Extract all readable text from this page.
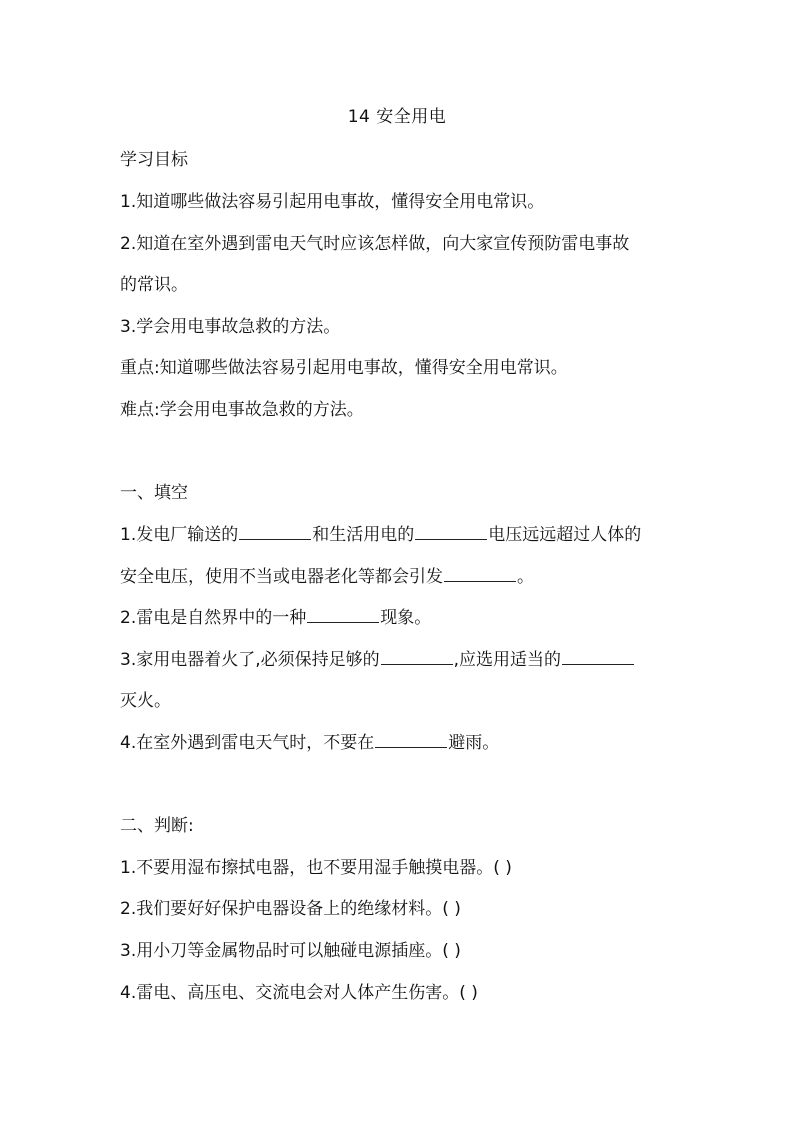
14 安全用电
学习目标
1.知道哪些做法容易引起用电事故，懂得安全用电常识。
2.知道在室外遇到雷电天气时应该怎样做，向大家宣传预防雷电事故
的常识。
3.学会用电事故急救的方法。
重点:知道哪些做法容易引起用电事故，懂得安全用电常识。
难点:学会用电事故急救的方法。
一、填空
1.发电厂输送的	和生活用电的	电压远远超过人体的
安全电压，使用不当或电器老化等都会引发	。
2.雷电是自然界中的一种	现象。
3.家用电器着火了,必须保持足够的	,应选用适当的
灭火。
4.在室外遇到雷电天气时，不要在	避雨。
二、判断:
1.不要用湿布擦拭电器，也不要用湿手触摸电器。( )
2.我们要好好保护电器设备上的绝缘材料。( )
3.用小刀等金属物品时可以触碰电源插座。( )
4.雷电、高压电、交流电会对人体产生伤害。( )
